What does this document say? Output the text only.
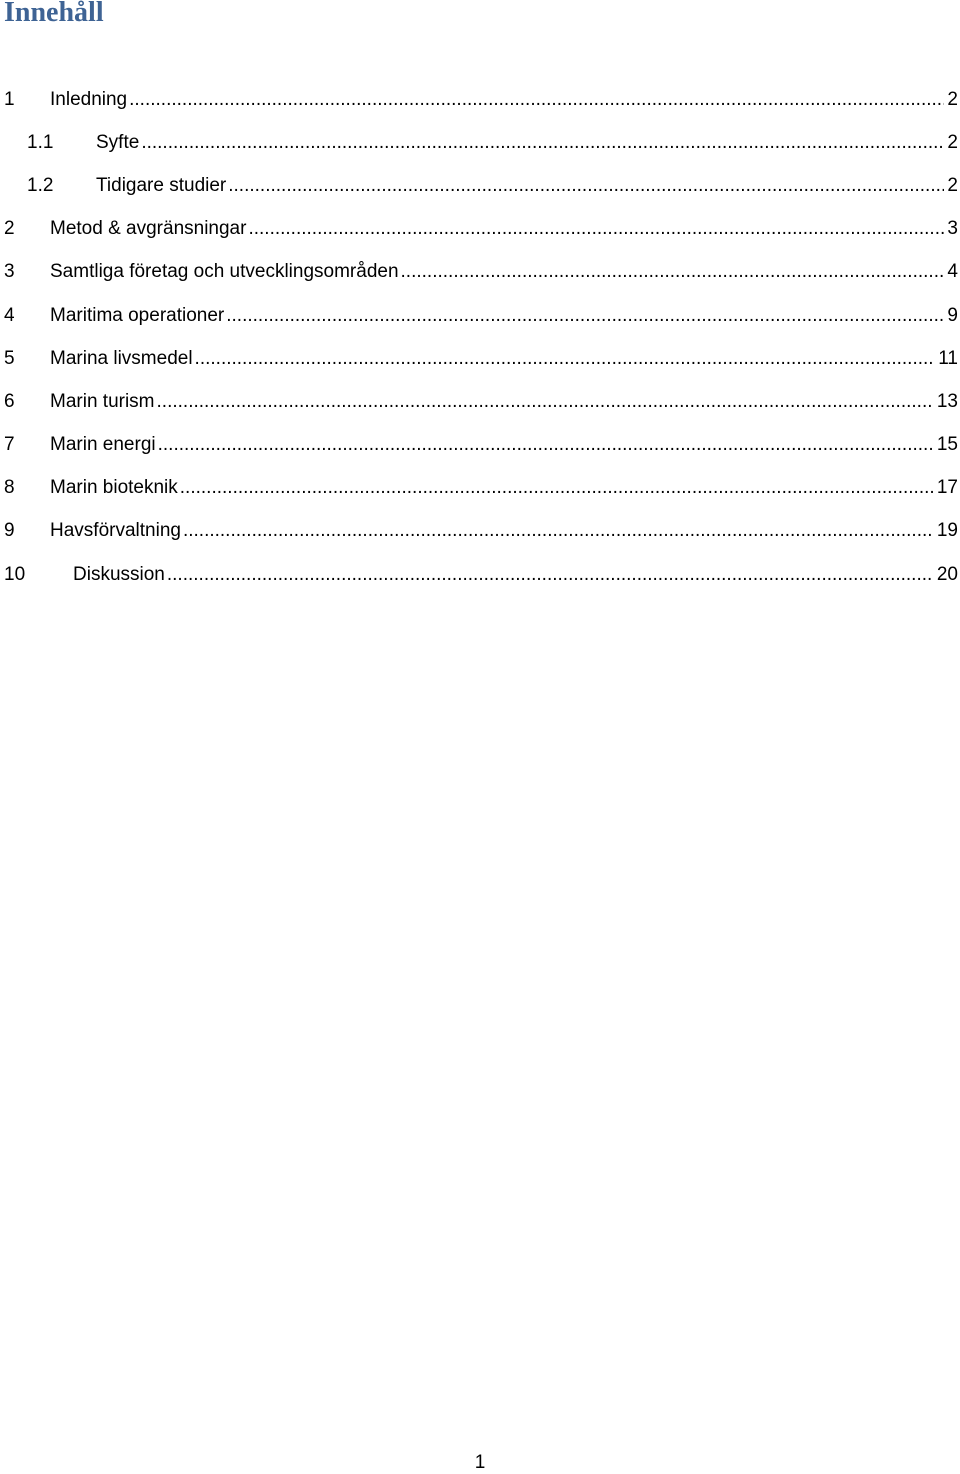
Innehåll
1 Inledning .....	2
1.1 Syfte .....	2
1.2 Tidigare studier .....	2
2 Metod & avgränsningar .....	3
3 Samtliga företag och utvecklingsområden .....	4
4 Maritima operationer .....	9
5 Marina livsmedel .....	11
6 Marin turism .....	13
7 Marin energi .....	15
8 Marin bioteknik .....	17
9 Havsförvaltning .....	19
10	Diskussion .....	20
1
